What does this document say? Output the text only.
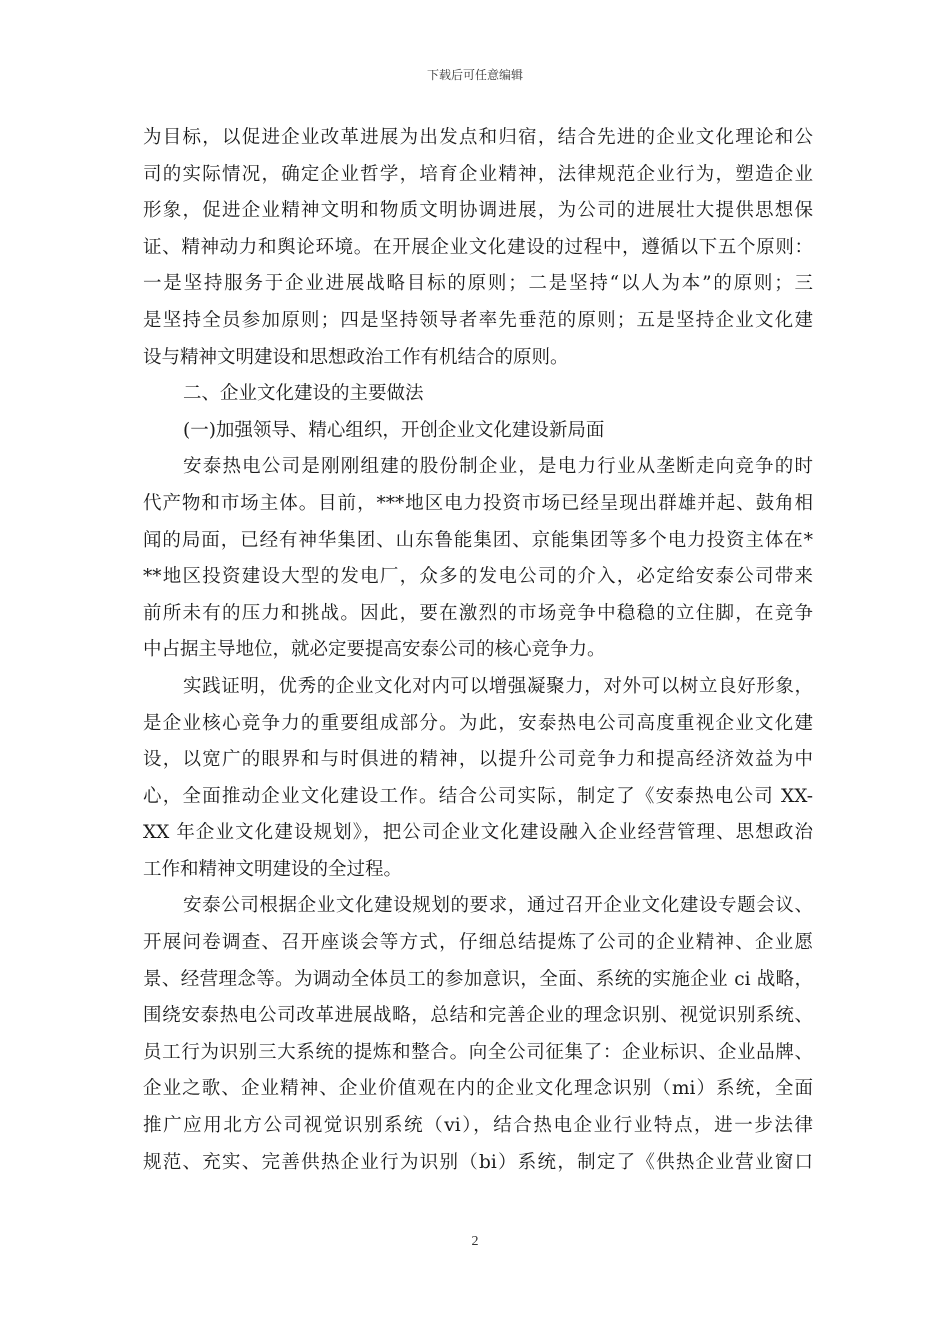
下载后可任意编辑
为目标，以促进企业改革进展为出发点和归宿，结合先进的企业文化理论和公
司的实际情况，确定企业哲学，培育企业精神，法律规范企业行为，塑造企业
形象，促进企业精神文明和物质文明协调进展，为公司的进展壮大提供思想保
证、精神动力和舆论环境。在开展企业文化建设的过程中，遵循以下五个原则：
一是坚持服务于企业进展战略目标的原则；二是坚持“以人为本”的原则；三
是坚持全员参加原则；四是坚持领导者率先垂范的原则；五是坚持企业文化建
设与精神文明建设和思想政治工作有机结合的原则。
二、企业文化建设的主要做法
(一)加强领导、精心组织，开创企业文化建设新局面
安泰热电公司是刚刚组建的股份制企业，是电力行业从垄断走向竞争的时
代产物和市场主体。目前，***地区电力投资市场已经呈现出群雄并起、鼓角相
闻的局面，已经有神华集团、山东鲁能集团、京能集团等多个电力投资主体在*
**地区投资建设大型的发电厂，众多的发电公司的介入，必定给安泰公司带来
前所未有的压力和挑战。因此，要在激烈的市场竞争中稳稳的立住脚，在竞争
中占据主导地位，就必定要提高安泰公司的核心竞争力。
实践证明，优秀的企业文化对内可以增强凝聚力，对外可以树立良好形象，
是企业核心竞争力的重要组成部分。为此，安泰热电公司高度重视企业文化建
设，以宽广的眼界和与时俱进的精神，以提升公司竞争力和提高经济效益为中
心，全面推动企业文化建设工作。结合公司实际，制定了《安泰热电公司 XX-
XX 年企业文化建设规划》，把公司企业文化建设融入企业经营管理、思想政治
工作和精神文明建设的全过程。
安泰公司根据企业文化建设规划的要求，通过召开企业文化建设专题会议、
开展问卷调查、召开座谈会等方式，仔细总结提炼了公司的企业精神、企业愿
景、经营理念等。为调动全体员工的参加意识，全面、系统的实施企业 ci 战略，
围绕安泰热电公司改革进展战略，总结和完善企业的理念识别、视觉识别系统、
员工行为识别三大系统的提炼和整合。向全公司征集了：企业标识、企业品牌、
企业之歌、企业精神、企业价值观在内的企业文化理念识别（mi）系统，全面
推广应用北方公司视觉识别系统（vi），结合热电企业行业特点，进一步法律
规范、充实、完善供热企业行为识别（bi）系统，制定了《供热企业营业窗口
2
